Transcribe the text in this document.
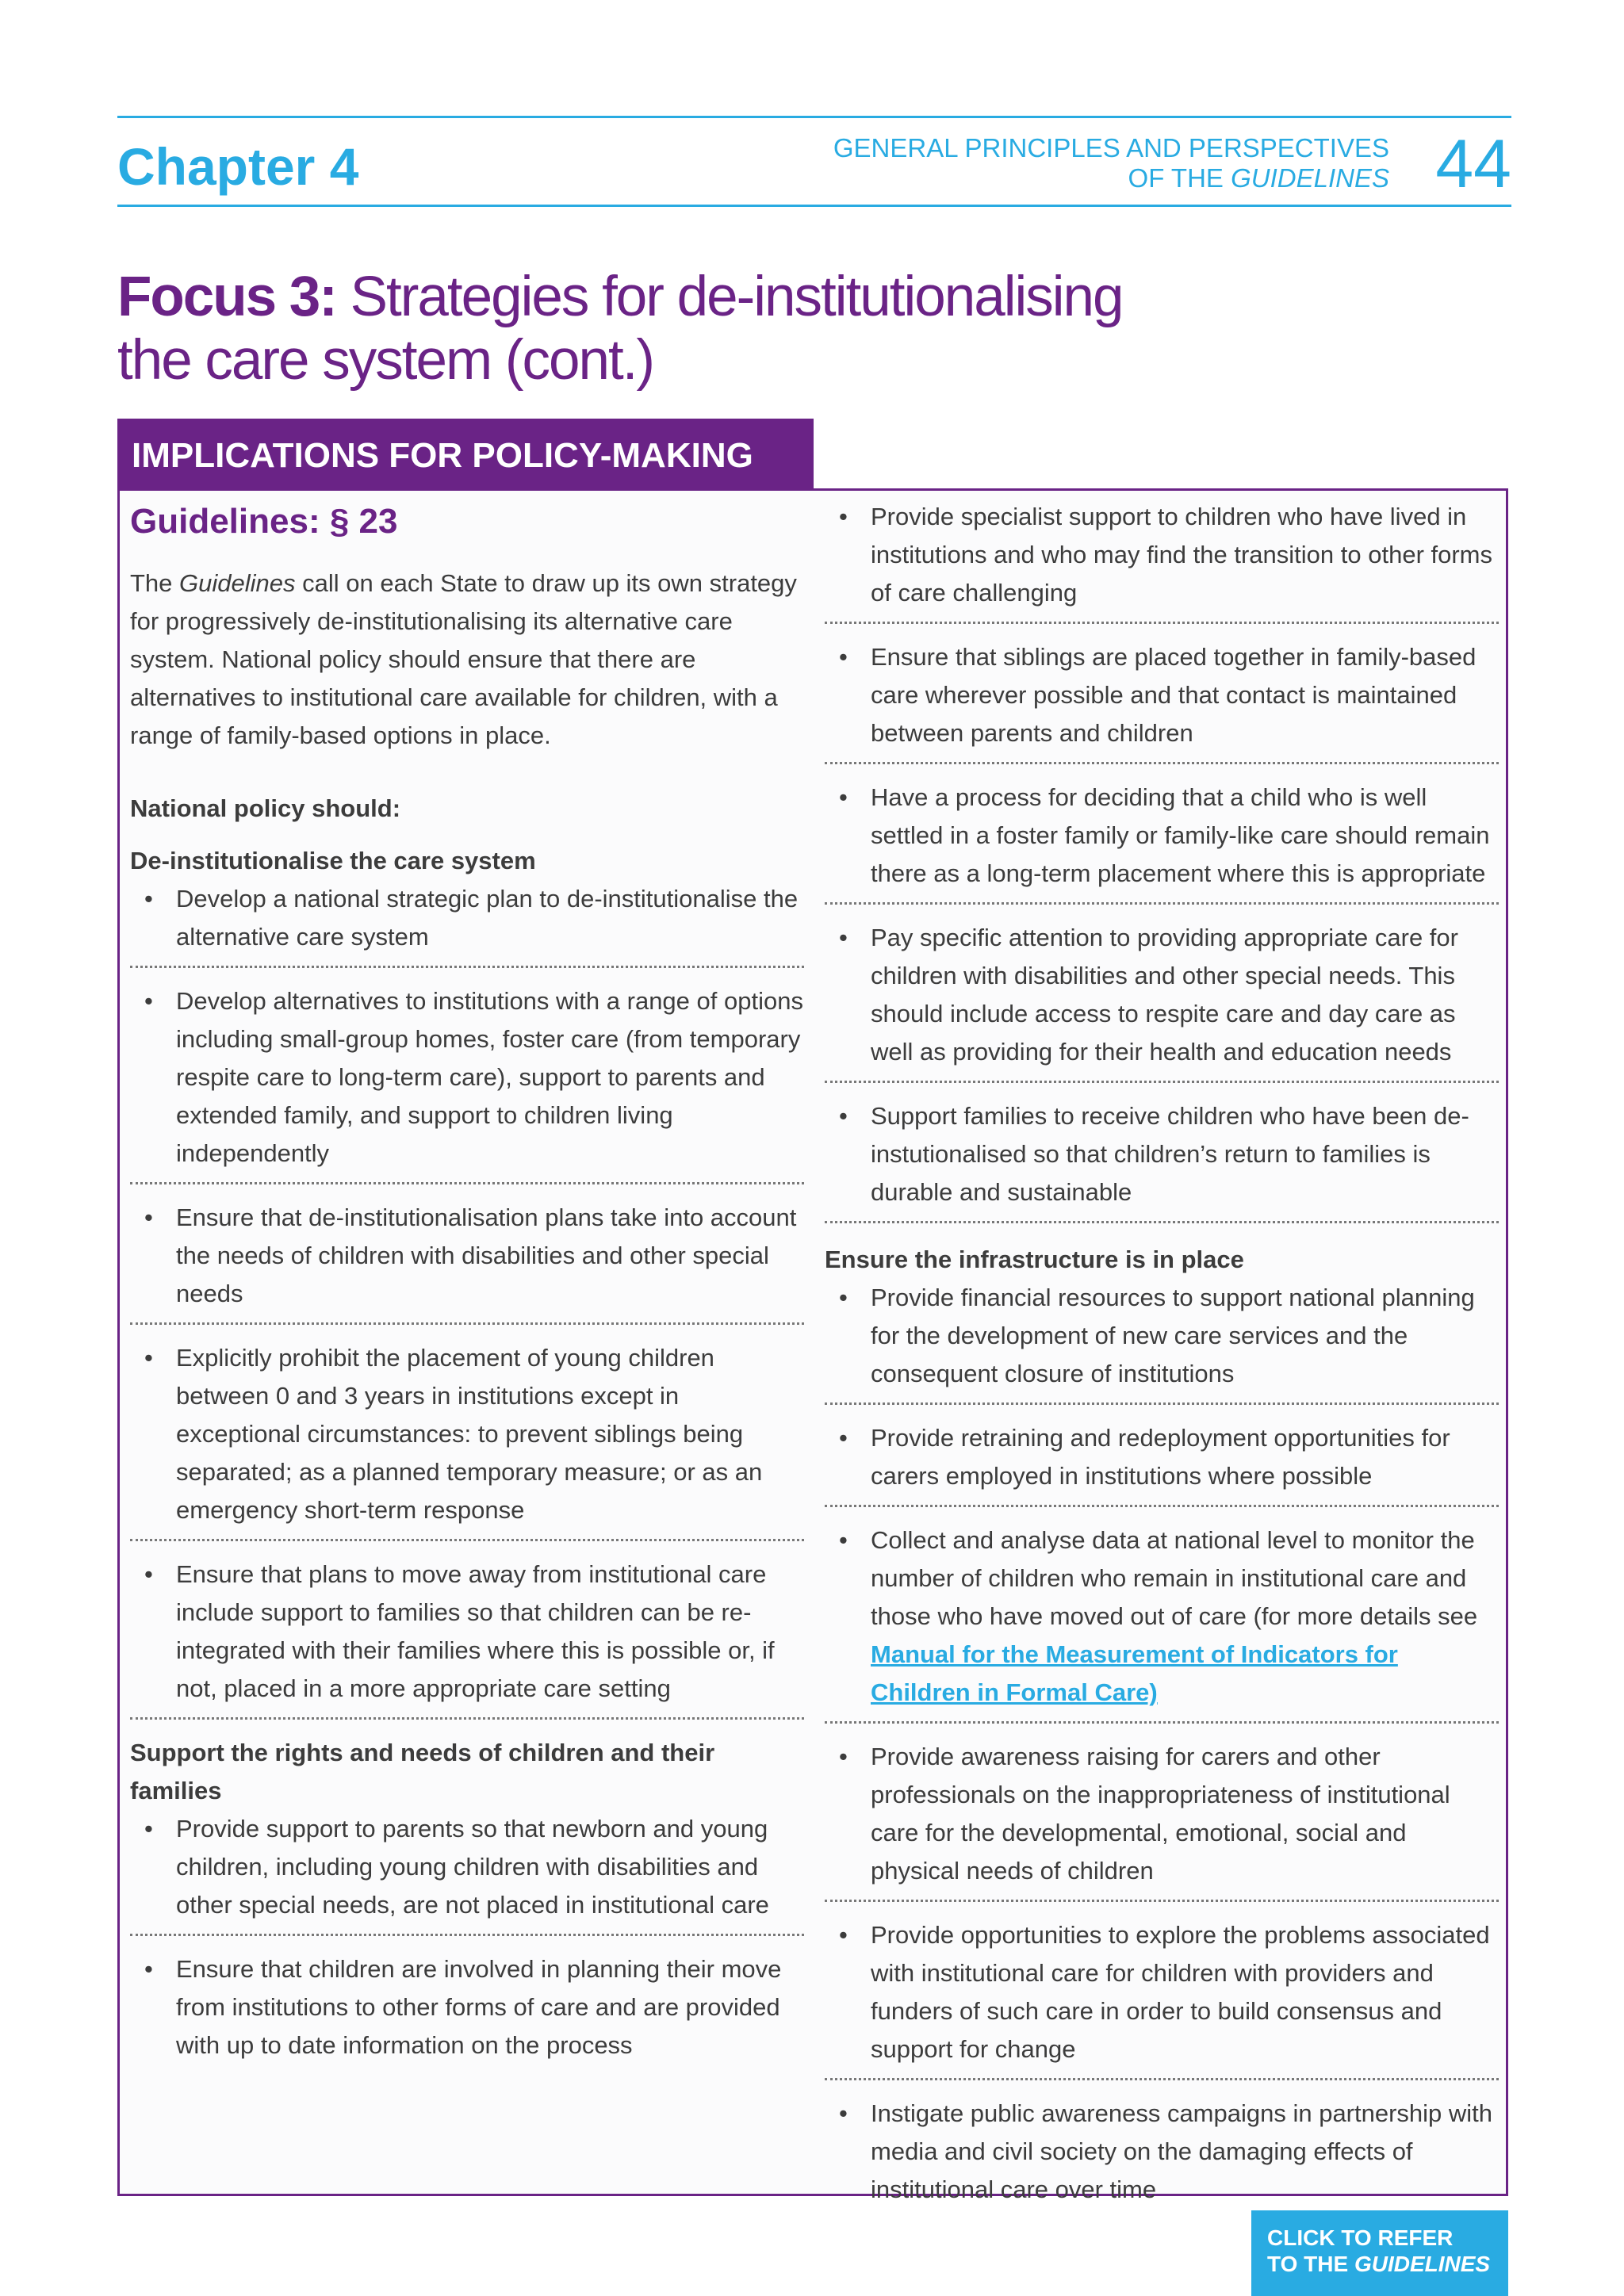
Chapter 4	GENERAL PRINCIPLES AND PERSPECTIVES
OF THE GUIDELINES 44
Focus 3: Strategies for de-institutionalising
the care system (cont.)
IMPLICATIONS FOR POLICY-MAKING

Guidelines: § 23

The Guidelines call on each State to draw up its own strategy for progressively de-institutionalising its alternative care system. National policy should ensure that there are alternatives to institutional care available for children, with a range of family-based options in place.

National policy should:

De-institutionalise the care system

• Develop a national strategic plan to de-institutionalise the alternative care system
• Develop alternatives to institutions with a range of options including small-group homes, foster care (from temporary respite care to long-term care), support to parents and extended family, and support to children living independently
• Ensure that de-institutionalisation plans take into account the needs of children with disabilities and other special needs
• Explicitly prohibit the placement of young children between 0 and 3 years in institutions except in exceptional circumstances: to prevent siblings being separated; as a planned temporary measure; or as an emergency short-term response
• Ensure that plans to move away from institutional care include support to families so that children can be re-integrated with their families where this is possible or, if not, placed in a more appropriate care setting

Support the rights and needs of children and their families

• Provide support to parents so that newborn and young children, including young children with disabilities and other special needs, are not placed in institutional care
• Ensure that children are involved in planning their move from institutions to other forms of care and are provided with up to date information on the process
• Provide specialist support to children who have lived in institutions and who may find the transition to other forms of care challenging
• Ensure that siblings are placed together in family-based care wherever possible and that contact is maintained between parents and children
• Have a process for deciding that a child who is well settled in a foster family or family-like care should remain there as a long-term placement where this is appropriate
• Pay specific attention to providing appropriate care for children with disabilities and other special needs. This should include access to respite care and day care as well as providing for their health and education needs
• Support families to receive children who have been de-instutionalised so that children’s return to families is durable and sustainable

Ensure the infrastructure is in place

• Provide financial resources to support national planning for the development of new care services and the consequent closure of institutions
• Provide retraining and redeployment opportunities for carers employed in institutions where possible
• Collect and analyse data at national level to monitor the number of children who remain in institutional care and those who have moved out of care (for more details see Manual for the Measurement of Indicators for Children in Formal Care)
• Provide awareness raising for carers and other professionals on the inappropriateness of institutional care for the developmental, emotional, social and physical needs of children
• Provide opportunities to explore the problems associated with institutional care for children with providers and funders of such care in order to build consensus and support for change
• Instigate public awareness campaigns in partnership with media and civil society on the damaging effects of institutional care over time
CLICK TO REFER
TO THE GUIDELINES
